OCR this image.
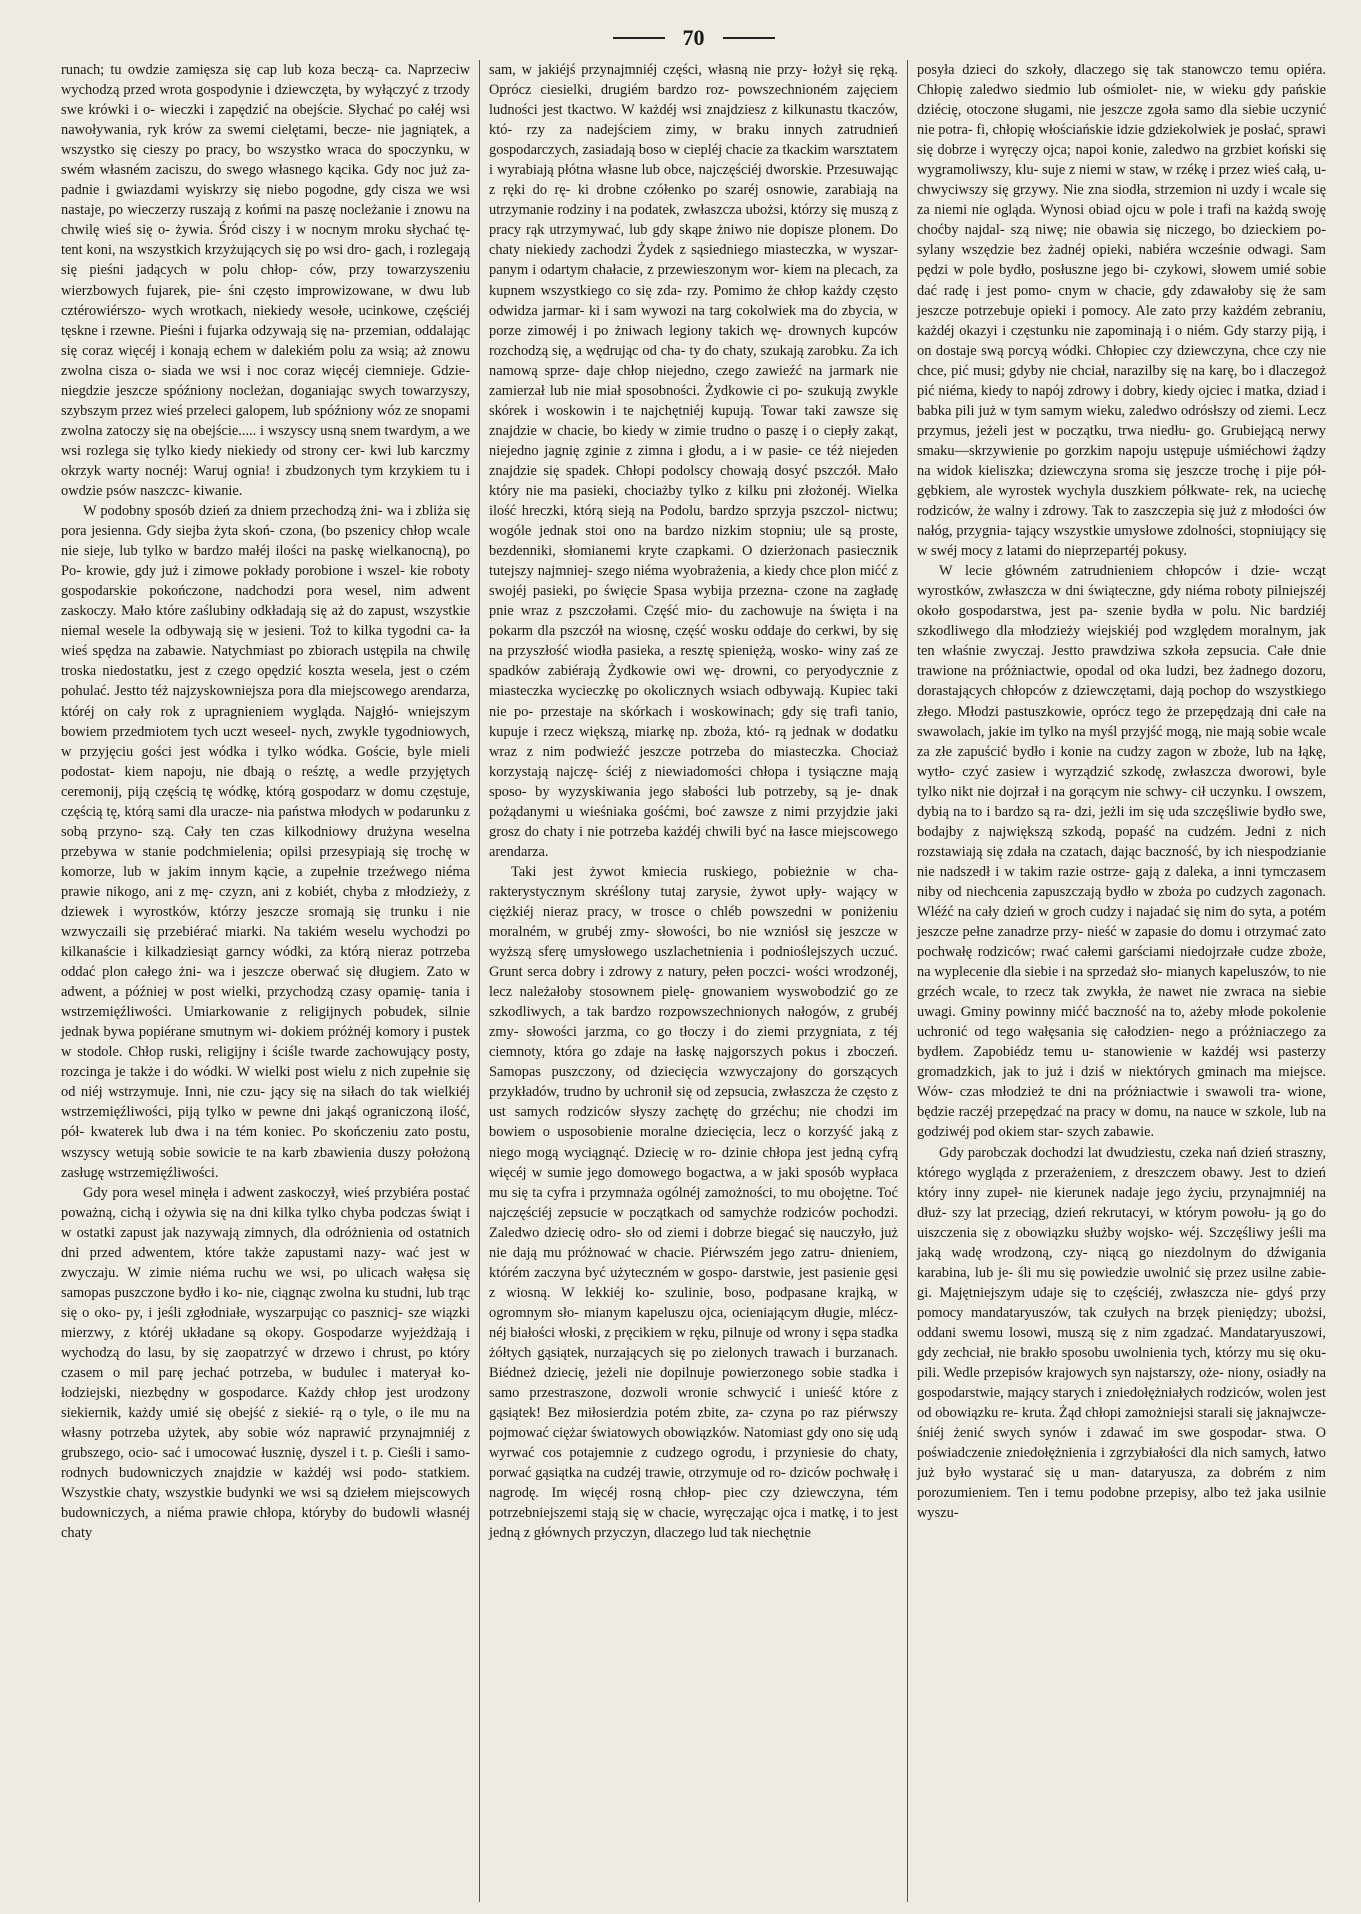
70

runach; tu owdzie zamięsza się cap lub koza beczą- ca. Naprzeciw wychodzą przed wrota gospodynie i dziewczęta, by wyłączyć z trzody swe krówki i o- wieczki i zapędzić na obejście. Słychać po całéj wsi nawoływania, ryk krów za swemi cielętami, becze- nie jagniątek, a wszystko się cieszy po pracy, bo wszystko wraca do spoczynku, w swém własném zaciszu, do swego własnego kącika. Gdy noc już za- padnie i gwiazdami wyiskrzy się niebo pogodne, gdy cisza we wsi nastaje, po wieczerzy ruszają z końmi na paszę nocleżanie i znowu na chwilę wieś się o- żywia. Śród ciszy i w nocnym mroku słychać tę- tent koni, na wszystkich krzyżujących się po wsi dro- gach, i rozlegają się pieśni jadących w polu chłop- ców, przy towarzyszeniu wierzbowych fujarek, pie- śni często improwizowane, w dwu lub cztérowiérszo- wych wrotkach, niekiedy wesołe, ucinkowe, częściéj tęskne i rzewne. Pieśni i fujarka odzywają się na- przemian, oddalając się coraz więcéj i konają echem w dalekiém polu za wsią; aż znowu zwolna cisza o- siada we wsi i noc coraz więcéj ciemnieje. Gdzie- niegdzie jeszcze spóźniony nocleżan, doganiając swych towarzyszy, szybszym przez wieś przeleci galopem, lub spóźniony wóz ze snopami zwolna zatoczy się na obejście..... i wszyscy usną snem twardym, a we wsi rozlega się tylko kiedy niekiedy od strony cer- kwi lub karczmy okrzyk warty nocnéj: Waruj ognia! i zbudzonych tym krzykiem tu i owdzie psów naszczc- kiwanie.

W podobny sposób dzień za dniem przechodzą żni- wa i zbliża się pora jesienna. Gdy siejba żyta skoń- czona, (bo pszenicy chłop wcale nie sieje, lub tylko w bardzo małéj ilości na paskę wielkanocną), po Po- krowie, gdy już i zimowe pokłady porobione i wszel- kie roboty gospodarskie pokończone, nadchodzi pora wesel, nim adwent zaskoczy. Mało które zaślubiny odkładają się aż do zapust, wszystkie niemal wesele la odbywają się w jesieni. Toż to kilka tygodni ca- ła wieś spędza na zabawie. Natychmiast po zbiorach ustępila na chwilę troska niedostatku, jest z czego opędzić koszta wesela, jest o czém pohulać. Jestto téż najzyskowniejsza pora dla miejscowego arendarza, któréj on cały rok z upragnieniem wygląda. Najgłó- wniejszym bowiem przedmiotem tych uczt weseel- nych, zwykle tygodniowych, w przyjęciu gości jest wódka i tylko wódka. Goście, byle mieli podostat- kiem napoju, nie dbają o reśztę, a wedle przyjętych ceremonij, piją częścią tę wódkę, którą gospodarz w domu częstuje, częścią tę, którą sami dla uracze- nia państwa młodych w podarunku z sobą przyno- szą. Cały ten czas kilkodniowy drużyna weselna przebywa w stanie podchmielenia; opilsi przesypiają się trochę w komorze, lub w jakim innym kącie, a zupełnie trzeźwego niéma prawie nikogo, ani z mę- czyzn, ani z kobiét, chyba z młodzieży, z dziewek i wyrostków, którzy jeszcze sromają się trunku i nie wzwyczaili się przebiérać miarki. Na takiém weselu wychodzi po kilkanaście i kilkadziesiąt garncy wódki, za którą nieraz potrzeba oddać plon całego żni- wa i jeszcze oberwać się długiem. Zato w adwent, a później w post wielki, przychodzą czasy opamię- tania i wstrzemięźliwości. Umiarkowanie z religijnych pobudek, silnie jednak bywa popiérane smutnym wi- dokiem próżnéj komory i pustek w stodole. Chłop ruski, religijny i ściśle twarde zachowujący posty, rozcinga je także i do wódki. W wielki post wielu z nich zupełnie się od niéj wstrzymuje. Inni, nie czu- jący się na siłach do tak wielkiéj wstrzemięźliwości, piją tylko w pewne dni jakąś ograniczoną ilość, pół- kwaterek lub dwa i na tém koniec. Po skończeniu zato postu, wszyscy wetują sobie sowicie te na karb zbawienia duszy położoną zasługę wstrzemięźliwości.

Gdy pora wesel minęła i adwent zaskoczył, wieś przybiéra postać poważną, cichą i ożywia się na dni kilka tylko chyba podczas świąt i w ostatki zapust jak nazywają zimnych, dla odróżnienia od ostatnich dni przed adwentem, które także zapustami nazy- wać jest w zwyczaju. W zimie niéma ruchu we wsi, po ulicach wałęsa się samopas puszczone bydło i ko- nie, ciągnąc zwolna ku studni, lub trąc się o oko- py, i jeśli zgłodniałe, wyszarpując co pasznicj- sze wiązki mierzwy, z któréj układane są okopy. Gospodarze wyjeżdżają i wychodzą do lasu, by się zaopatrzyć w drzewo i chrust, po który czasem o mil parę jechać potrzeba, w budulec i materyał ko- łodziejski, niezbędny w gospodarce. Każdy chłop jest urodzony siekiernik, każdy umié się obejść z siekié- rą o tyle, o ile mu na własny potrzeba użytek, aby sobie wóz naprawić przynajmniéj z grubszego, ocio- sać i umocować łusznię, dyszel i t. p. Cieśli i samo- rodnych budowniczych znajdzie w każdéj wsi podo- statkiem. Wszystkie chaty, wszystkie budynki we wsi są dziełem miejscowych budowniczych, a niéma prawie chłopa, któryby do budowli własnéj chaty

sam, w jakiéjś przynajmniéj części, własną nie przy- łożył się ręką. Oprócz ciesielki, drugiém bardzo roz- powszechnioném zajęciem ludności jest tkactwo. W każdéj wsi znajdziesz z kilkunastu tkaczów, któ- rzy za nadejściem zimy, w braku innych zatrudnień gospodarczych, zasiadają boso w ciepléj chacie za tkackim warsztatem i wyrabiają płótna własne lub obce, najczęściéj dworskie. Przesuwając z ręki do rę- ki drobne czółenko po szaréj osnowie, zarabiają na utrzymanie rodziny i na podatek, zwłaszcza ubożsi, którzy się muszą z pracy rąk utrzymywać, lub gdy skąpe żniwo nie dopisze plonem. Do chaty niekiedy zachodzi Żydek z sąsiedniego miasteczka, w wyszar- panym i odartym chałacie, z przewieszonym wor- kiem na plecach, za kupnem wszystkiego co się zda- rzy. Pomimo że chłop każdy często odwidza jarmar- ki i sam wywozi na targ cokolwiek ma do zbycia, w porze zimowéj i po żniwach legiony takich wę- drownych kupców rozchodzą się, a wędrując od cha- ty do chaty, szukają zarobku. Za ich namową sprze- daje chłop niejedno, czego zawieźć na jarmark nie zamierzał lub nie miał sposobności. Żydkowie ci po- szukują zwykle skórek i woskowin i te najchętniéj kupują. Towar taki zawsze się znajdzie w chacie, bo kiedy w zimie trudno o paszę i o ciepły zakąt, niejedno jagnię zginie z zimna i głodu, a i w pasie- ce téż niejeden znajdzie się spadek. Chłopi podolscy chowają dosyć pszczół. Mało który nie ma pasieki, chociażby tylko z kilku pni złożonéj. Wielka ilość hreczki, którą sieją na Podolu, bardzo sprzyja pszczol- nictwu; wogóle jednak stoi ono na bardzo nizkim stopniu; ule są proste, bezdenniki, słomianemi kryte czapkami. O dzierżonach pasiecznik tutejszy najmniej- szego niéma wyobrażenia, a kiedy chce plon mićć z swojéj pasieki, po święcie Spasa wybija przezna- czone na zagładę pnie wraz z pszczołami. Część mio- du zachowuje na święta i na pokarm dla pszczół na wiosnę, część wosku oddaje do cerkwi, by się na przyszłość wiodła pasieka, a resztę spieniężą, wosko- winy zaś ze spadków zabiérają Żydkowie owi wę- drowni, co peryodycznie z miasteczka wycieczkę po okolicznych wsiach odbywają. Kupiec taki nie po- przestaje na skórkach i woskowinach; gdy się trafi tanio, kupuje i rzecz większą, miarkę np. zboża, któ- rą jednak w dodatku wraz z nim podwieźć jeszcze potrzeba do miasteczka. Chociaż korzystają najczę- ściéj z niewiadomości chłopa i tysiączne mają sposo- by wyzyskiwania jego słabości lub potrzeby, są je- dnak pożądanymi u wieśniaka gośćmi, boć zawsze z nimi przyjdzie jaki grosz do chaty i nie potrzeba każdéj chwili być na łasce miejscowego arendarza.

Taki jest żywot kmiecia ruskiego, pobieżnie w cha- rakterystycznym skréślony tutaj zarysie, żywot upły- wający w ciężkiéj nieraz pracy, w trosce o chléb powszedni w poniżeniu moralném, w grubéj zmy- słowości, bo nie wzniósł się jeszcze w wyższą sferę umysłowego uszlachetnienia i podnioślejszych uczuć. Grunt serca dobry i zdrowy z natury, pełen poczci- wości wrodzonéj, lecz należałoby stosownem pielę- gnowaniem wyswobodzić go ze szkodliwych, a tak bardzo rozpowszechnionych nałogów, z grubéj zmy- słowości jarzma, co go tłoczy i do ziemi przygniata, z téj ciemnoty, która go zdaje na łaskę najgorszych pokus i zboczeń. Samopas puszczony, od dziecięcia wzwyczajony do gorszących przykładów, trudno by uchronił się od zepsucia, zwłaszcza że często z ust samych rodziców słyszy zachętę do grzéchu; nie chodzi im bowiem o usposobienie moralne dziecięcia, lecz o korzyść jaką z niego mogą wyciągnąć. Dziecię w ro- dzinie chłopa jest jedną cyfrą więcéj w sumie jego domowego bogactwa, a w jaki sposób wypłaca mu się ta cyfra i przymnaża ogólnéj zamożności, to mu obojętne. Toć najczęściéj zepsucie w początkach od samychże rodziców pochodzi. Zaledwo dziecię odro- sło od ziemi i dobrze biegać się nauczyło, już nie dają mu próżnować w chacie. Piérwszém jego zatru- dnieniem, którém zaczyna być użyteczném w gospo- darstwie, jest pasienie gęsi z wiosną. W lekkiéj ko- szulinie, boso, podpasane krajką, w ogromnym sło- mianym kapeluszu ojca, ocieniającym długie, mlécz- néj białości włoski, z pręcikiem w ręku, pilnuje od wrony i sępa stadka żółtych gąsiątek, nurzających się po zielonych trawach i burzanach. Biédneż dziecię, jeżeli nie dopilnuje powierzonego sobie stadka i samo przestraszone, dozwoli wronie schwycić i unieść które z gąsiątek! Bez miłosierdzia potém zbite, za- czyna po raz piérwszy pojmować ciężar światowych obowiązków. Natomiast gdy ono się udą wyrwać cos potajemnie z cudzego ogrodu, i przyniesie do chaty, porwać gąsiątka na cudzéj trawie, otrzymuje od ro- dziców pochwałę i nagrodę. Im więcéj rosną chłop- piec czy dziewczyna, tém potrzebniejszemi stają się w chacie, wyręczając ojca i matkę, i to jest jedną z głównych przyczyn, dlaczego lud tak niechętnie

posyła dzieci do szkoły, dlaczego się tak stanowczo temu opiéra. Chłopię zaledwo siedmio lub ośmiolet- nie, w wieku gdy pańskie dziécię, otoczone sługami, nie jeszcze zgoła samo dla siebie uczynić nie potra- fi, chłopię włościańskie idzie gdziekolwiek je posłać, sprawi się dobrze i wyręczy ojca; napoi konie, zaledwo na grzbiet koński się wygramoliwszy, klu- suje z niemi w staw, w rzékę i przez wieś całą, u- chwyciwszy się grzywy. Nie zna siodła, strzemion ni uzdy i wcale się za niemi nie ogląda. Wynosi obiad ojcu w pole i trafi na każdą swoję choćby najdal- szą niwę; nie obawia się niczego, bo dzieckiem po- sylany wszędzie bez żadnéj opieki, nabiéra wcześnie odwagi. Sam pędzi w pole bydło, posłuszne jego bi- czykowi, słowem umié sobie dać radę i jest pomo- cnym w chacie, gdy zdawałoby się że sam jeszcze potrzebuje opieki i pomocy. Ale zato przy każdém zebraniu, każdéj okazyi i częstunku nie zapominają i o niém. Gdy starzy piją, i on dostaje swą porcyą wódki. Chłopiec czy dziewczyna, chce czy nie chce, pić musi; gdyby nie chciał, narazilby się na karę, bo i dlaczegoż pić niéma, kiedy to napój zdrowy i dobry, kiedy ojciec i matka, dziad i babka pili już w tym samym wieku, zaledwo odrósłszy od ziemi. Lecz przymus, jeżeli jest w początku, trwa niedłu- go. Grubiejącą nerwy smaku—skrzywienie po gorzkim napoju ustępuje uśmiéchowi żądzy na widok kieliszka; dziewczyna sroma się jeszcze trochę i pije pół- gębkiem, ale wyrostek wychyla duszkiem półkwate- rek, na uciechę rodziców, że walny i zdrowy. Tak to zaszczepia się już z młodości ów nałóg, przygnia- tający wszystkie umysłowe zdolności, stopniujący się w swéj mocy z latami do nieprzepartéj pokusy.

W lecie główném zatrudnieniem chłopców i dzie- wcząt wyrostków, zwłaszcza w dni świąteczne, gdy niéma roboty pilniejszéj około gospodarstwa, jest pa- szenie bydła w polu. Nic bardziéj szkodliwego dla młodzieży wiejskiéj pod względem moralnym, jak ten właśnie zwyczaj. Jestto prawdziwa szkoła zepsucia. Całe dnie trawione na próżniactwie, opodal od oka ludzi, bez żadnego dozoru, dorastających chłopców z dziewczętami, dają pochop do wszystkiego złego. Młodzi pastuszkowie, oprócz tego że przepędzają dni całe na swawolach, jakie im tylko na myśl przyjść mogą, nie mają sobie wcale za złe zapuścić bydło i konie na cudzy zagon w zboże, lub na łąkę, wytło- czyć zasiew i wyrządzić szkodę, zwłaszcza dworowi, byle tylko nikt nie dojrzał i na gorącym nie schwy- cił uczynku. I owszem, dybią na to i bardzo są ra- dzi, jeżli im się uda szczęśliwie bydło swe, bodajby z największą szkodą, popaść na cudzém. Jedni z nich rozstawiają się zdała na czatach, dając baczność, by ich niespodzianie nie nadszedł i w takim razie ostrze- gają z daleka, a inni tymczasem niby od niechcenia zapuszczają bydło w zboża po cudzych zagonach. Wléźć na cały dzień w groch cudzy i najadać się nim do syta, a potém jeszcze pełne zanadrze przy- nieść w zapasie do domu i otrzymać zato pochwałę rodziców; rwać całemi garściami niedojrzałe cudze zboże, na wyplecenie dla siebie i na sprzedaż sło- mianych kapeluszów, to nie grzéch wcale, to rzecz tak zwykła, że nawet nie zwraca na siebie uwagi. Gminy powinny mićć baczność na to, ażeby młode pokolenie uchronić od tego wałęsania się całodzien- nego a próżniaczego za bydłem. Zapobiédz temu u- stanowienie w każdéj wsi pasterzy gromadzkich, jak to już i dziś w niektórych gminach ma miejsce. Wów- czas młodzież te dni na próżniactwie i swawoli tra- wione, będzie raczéj przepędzać na pracy w domu, na nauce w szkole, lub na godziwéj pod okiem star- szych zabawie.

Gdy parobczak dochodzi lat dwudziestu, czeka nań dzień straszny, którego wygląda z przerażeniem, z dreszczem obawy. Jest to dzień który inny zupeł- nie kierunek nadaje jego życiu, przynajmniéj na dłuż- szy lat przeciąg, dzień rekrutacyi, w którym powołu- ją go do uiszczenia się z obowiązku służby wojsko- wéj. Szczęśliwy jeśli ma jaką wadę wrodzoną, czy- niącą go niezdolnym do dźwigania karabina, lub je- śli mu się powiedzie uwolnić się przez usilne zabie- gi. Majętniejszym udaje się to częściéj, zwłaszcza nie- gdyś przy pomocy mandataryuszów, tak czułych na brzęk pieniędzy; ubożsi, oddani swemu losowi, muszą się z nim zgadzać. Mandataryuszowi, gdy zechciał, nie brakło sposobu uwolnienia tych, którzy mu się oku- pili. Wedle przepisów krajowych syn najstarszy, oże- niony, osiadły na gospodarstwie, mający starych i zniedołężniałych rodziców, wolen jest od obowiązku re- kruta. Żąd chłopi zamożniejsi starali się jaknajwcze- śniéj żenić swych synów i zdawać im swe gospodar- stwa. O poświadczenie zniedołężnienia i zgrzybiałości dla nich samych, łatwo już było wystarać się u man- dataryusza, za dobrém z nim porozumieniem. Ten i temu podobne przepisy, albo też jaka usilnie wyszu-
